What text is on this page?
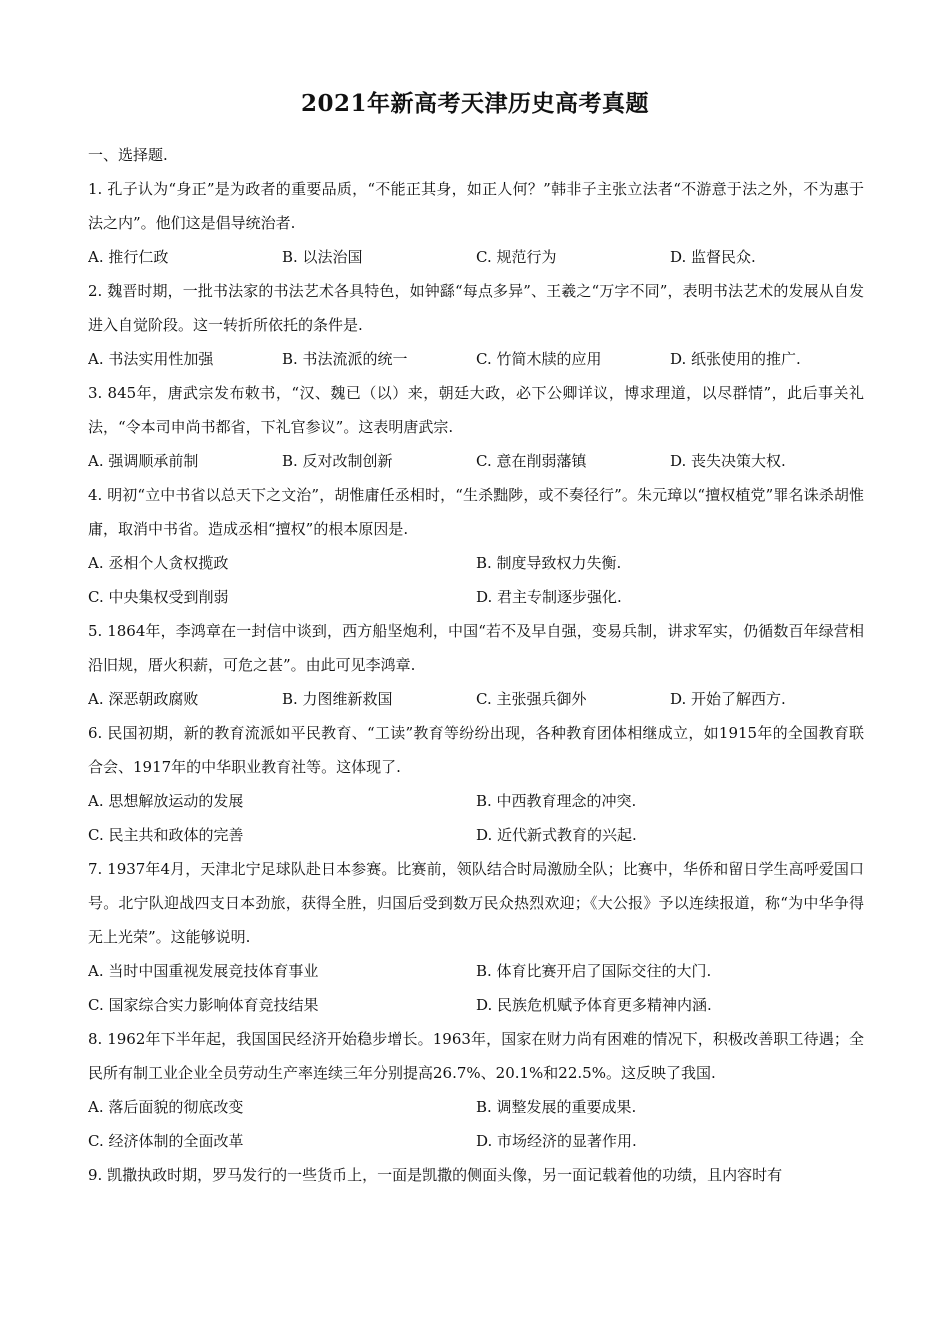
2021年新高考天津历史高考真题
一、选择题.

1. 孔子认为“身正”是为政者的重要品质，“不能正其身，如正人何？”韩非子主张立法者“不游意于法之外，不为惠于法之内”。他们这是倡导统治者.

A. 推行仁政	B. 以法治国	C. 规范行为	D. 监督民众.

2. 魏晋时期，一批书法家的书法艺术各具特色，如钟繇“每点多异”、王羲之“万字不同”，表明书法艺术的发展从自发进入自觉阶段。这一转折所依托的条件是.

A. 书法实用性加强	B. 书法流派的统一	C. 竹简木牍的应用	D. 纸张使用的推广.

3. 845年，唐武宗发布敕书，“汉、魏已（以）来，朝廷大政，必下公卿详议，博求理道，以尽群情”，此后事关礼法，“令本司申尚书都省，下礼官参议”。这表明唐武宗.

A. 强调顺承前制	B. 反对改制创新	C. 意在削弱藩镇	D. 丧失决策大权.

4. 明初“立中书省以总天下之文治”，胡惟庸任丞相时，“生杀黜陟，或不奏径行”。朱元璋以“擅权植党”罪名诛杀胡惟庸，取消中书省。造成丞相“擅权”的根本原因是.

A. 丞相个人贪权揽政	B. 制度导致权力失衡.
C. 中央集权受到削弱	D. 君主专制逐步强化.

5. 1864年，李鸿章在一封信中谈到，西方船坚炮利，中国“若不及早自强，变易兵制，讲求军实，仍循数百年绿营相沿旧规，厝火积薪，可危之甚”。由此可见李鸿章.

A. 深恶朝政腐败	B. 力图维新救国	C. 主张强兵御外	D. 开始了解西方.

6. 民国初期，新的教育流派如平民教育、“工读”教育等纷纷出现，各种教育团体相继成立，如1915年的全国教育联合会、1917年的中华职业教育社等。这体现了.

A. 思想解放运动的发展	B. 中西教育理念的冲突.
C. 民主共和政体的完善	D. 近代新式教育的兴起.

7. 1937年4月，天津北宁足球队赴日本参赛。比赛前，领队结合时局激励全队；比赛中，华侨和留日学生高呼爱国口号。北宁队迎战四支日本劲旅，获得全胜，归国后受到数万民众热烈欢迎；《大公报》予以连续报道，称“为中华争得无上光荣”。这能够说明.

A. 当时中国重视发展竞技体育事业	B. 体育比赛开启了国际交往的大门.
C. 国家综合实力影响体育竞技结果	D. 民族危机赋予体育更多精神内涵.

8. 1962年下半年起，我国国民经济开始稳步增长。1963年，国家在财力尚有困难的情况下，积极改善职工待遇；全民所有制工业企业全员劳动生产率连续三年分别提高26.7%、20.1%和22.5%。这反映了我国.

A. 落后面貌的彻底改变	B. 调整发展的重要成果.
C. 经济体制的全面改革	D. 市场经济的显著作用.

9. 凯撒执政时期，罗马发行的一些货币上，一面是凯撒的侧面头像，另一面记载着他的功绩，且内容时有
